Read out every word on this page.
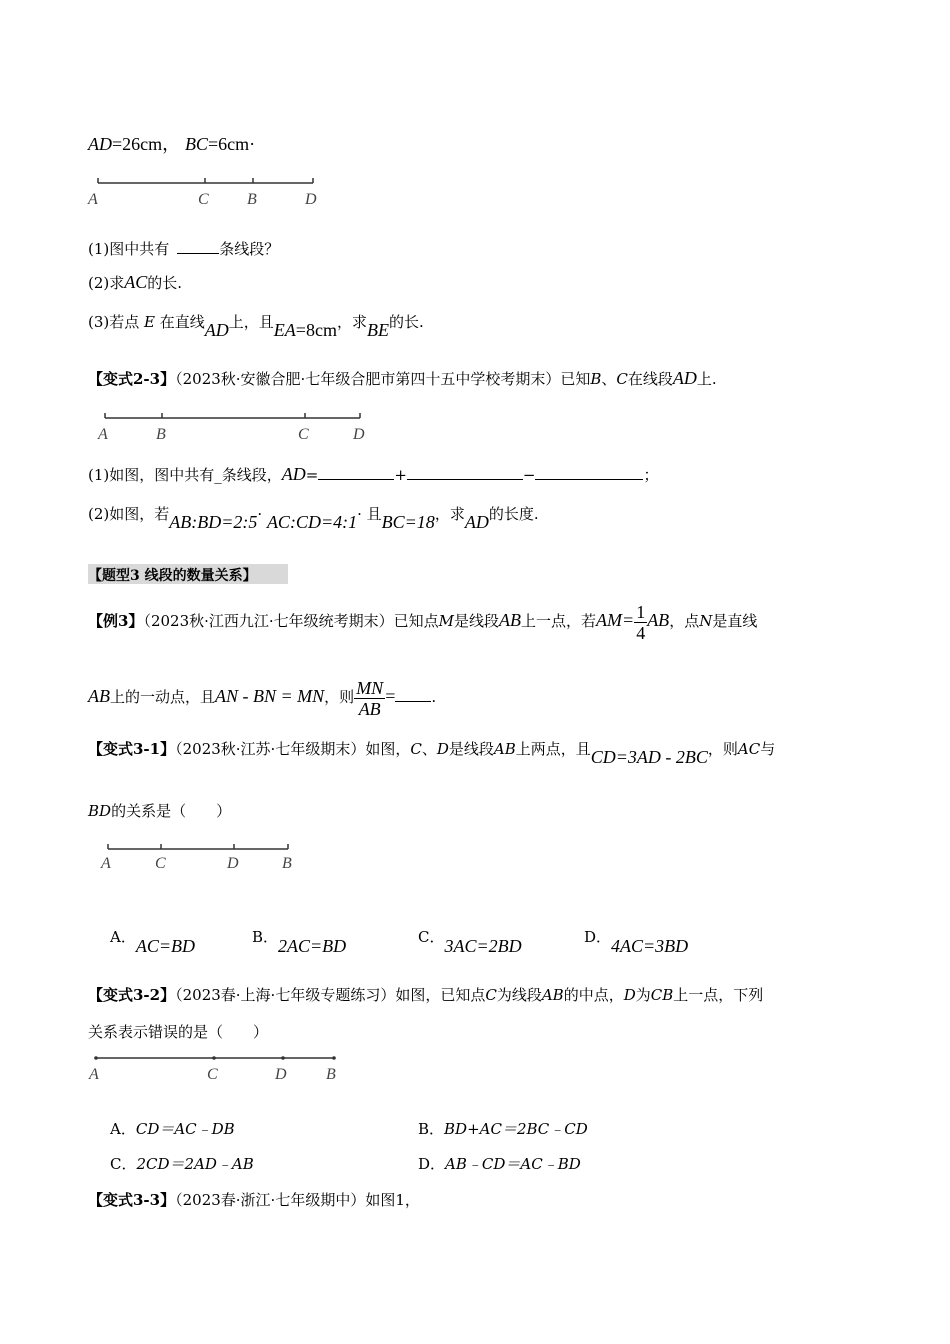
AD=26cm， BC=6cm·
A	C B	D
(1)图中共有	条线段？
(2)求AC的长.
(3)若点 E 在直线AD上，且EA=8cm，求BE的长.
【变式2-3】（2023秋·安徽合肥·七年级合肥市第四十五中学校考期末）已知B、C在线段AD上.
A	B	C	D
(1)如图，图中共有_条线段，AD=	+	−	；
(2)如图，若AB:BD=2:5· AC:CD=4:1· 且BC=18，求AD的长度.
【题型3 线段的数量关系】
【例3】（2023秋·江西九江·七年级统考期末）已知点M是线段AB上一点，若$AM= \frac{1}{4}$ AB，点N是直线
AB上的一动点，且AN - BN = MN，则 $\frac{MN}{AB}$ = .
【变式3-1】（2023秋·江苏·七年级期末）如图，C、D是线段AB上两点，且CD=3AD - 2BC，则AC与
BD的关系是（　　）
A	C	D	B
A．AC=BD	B．2AC=BD	C．3AC=2BD	D．4AC=3BD
【变式3-2】（2023春·上海·七年级专题练习）如图，已知点C为线段AB的中点，D为CB上一点，下列
关系表示错误的是（　　）
A	C	D B
A．CD＝AC﹣DB	B．BD+AC＝2BC﹣CD
C．2CD＝2AD﹣AB	D．AB﹣CD＝AC﹣BD
【变式3-3】（2023春·浙江·七年级期中）如图1，
